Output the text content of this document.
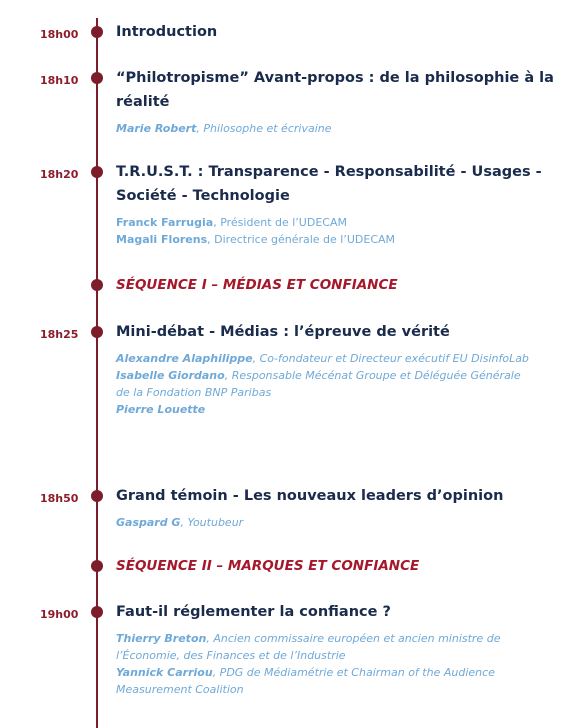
18h00	Introduction
18h10	“Philotropisme” Avant-propos : de la philosophie à la réalité
Marie Robert, Philosophe et écrivaine
18h20	T.R.U.S.T. : Transparence - Responsabilité - Usages - Société - Technologie
Franck Farrugia, Président de l’UDECAM
Magali Florens, Directrice générale de l’UDECAM
SÉQUENCE I – MÉDIAS ET CONFIANCE
18h25	Mini-débat - Médias : l’épreuve de vérité
Alexandre Alaphilippe, Co-fondateur et Directeur exécutif EU DisinfoLab
Isabelle Giordano, Responsable Mécénat Groupe et Déléguée Générale de la Fondation BNP Paribas
Pierre Louette
18h50	Grand témoin - Les nouveaux leaders d’opinion
Gaspard G, Youtubeur
SÉQUENCE II – MARQUES ET CONFIANCE
19h00	Faut-il réglementer la confiance ?
Thierry Breton, Ancien commissaire européen et ancien ministre de l’Économie, des Finances et de l’Industrie
Yannick Carriou, PDG de Médiamétrie et Chairman of the Audience Measurement Coalition
